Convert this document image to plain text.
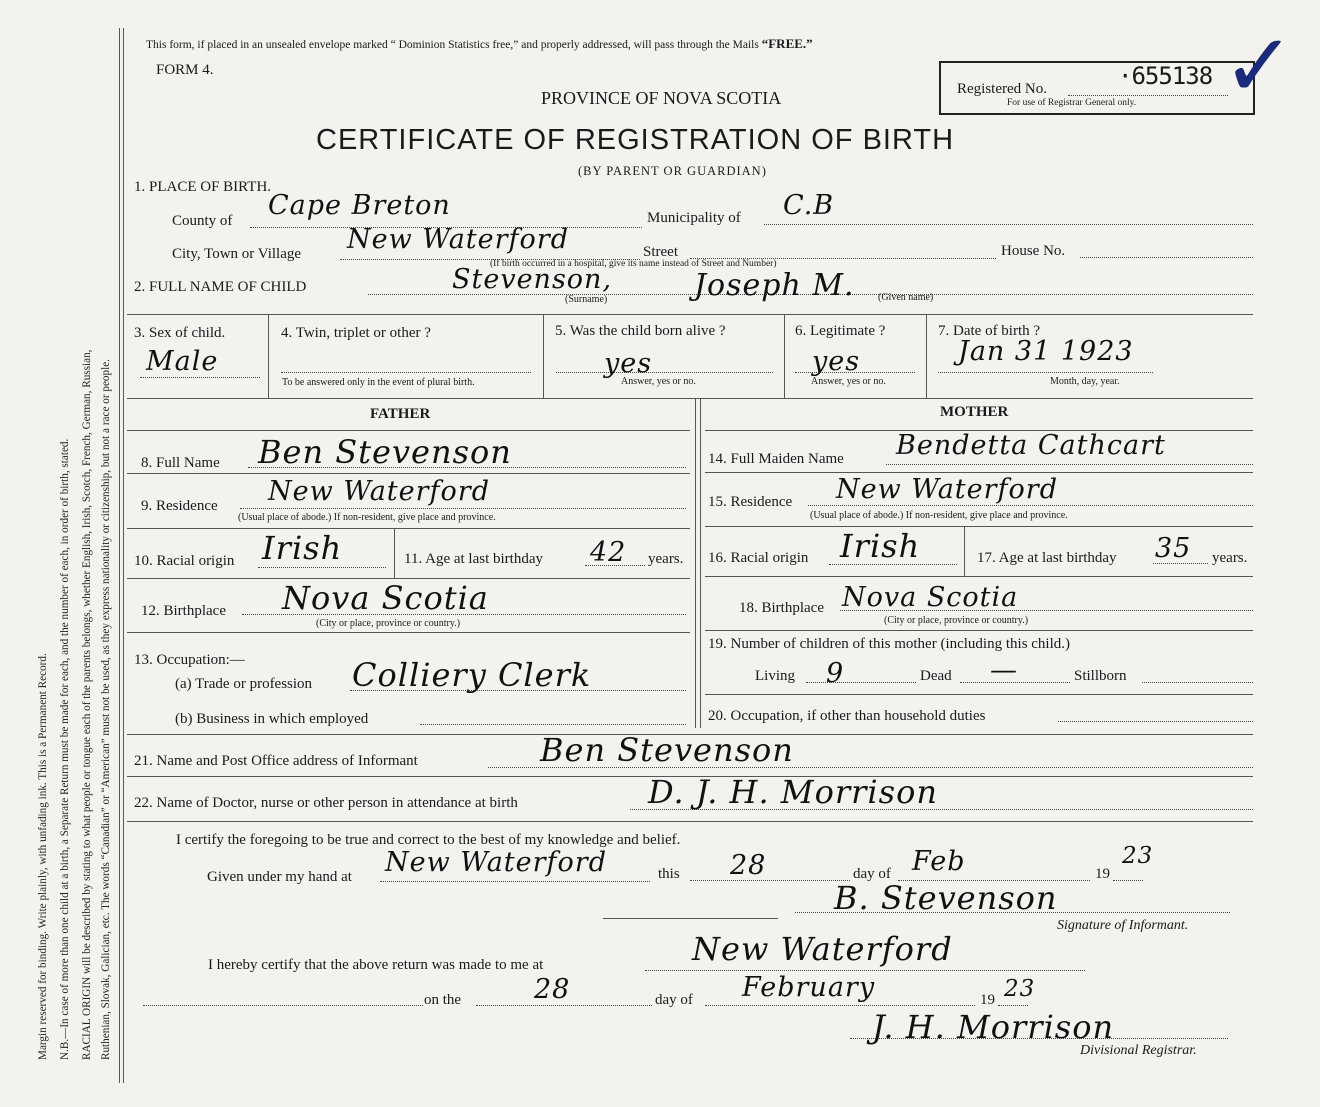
Margin reserved for binding. Write plainly, with unfading ink. This is a Permanent Record. N.B.—In case of more than one child at a birth, a Separate Return must be made for each, and the number of each, in order of birth, stated. RACIAL ORIGIN will be described by stating to what people or tongue each of the parents belongs, whether English, Irish, Scotch, French, German, Russian, Ruthenian, Slovak, Galician, etc. The words “Canadian” or “American” must not be used, as they express nationality or citizenship, but not a race or people.
This form, if placed in an unsealed envelope marked “ Dominion Statistics free,” and properly addressed, will pass through the Mails “FREE.”
FORM 4.
PROVINCE OF NOVA SCOTIA
CERTIFICATE OF REGISTRATION OF BIRTH
(BY PARENT OR GUARDIAN)
Registered No.	·655138
For use of Registrar General only. ✓
1. PLACE OF BIRTH.
County of Cape Breton	Municipality of C.B
City, Town or Village New Waterford	Street	House No.
(If birth occurred in a hospital, give its name instead of Street and Number)
2. FULL NAME OF CHILD	Stevenson,	Joseph M.
(Surname)	(Given name)
3. Sex of child.
Male
4. Twin, triplet or other ?
To be answered only in the event of plural birth.
5. Was the child born alive ?
yes
Answer, yes or no.
6. Legitimate ?
yes
Answer, yes or no.
7. Date of birth ?
Jan 31 1923
Month, day, year.
FATHER
8. Full Name Ben Stevenson
9. Residence New Waterford
(Usual place of abode.) If non-resident, give place and province.
10. Racial origin Irish	11. Age at last birthday 42 years.
12. Birthplace Nova Scotia
(City or place, province or country.)
13. Occupation:—
(a) Trade or profession Colliery Clerk
(b) Business in which employed
MOTHER
14. Full Maiden Name Bendetta Cathcart
15. Residence New Waterford
(Usual place of abode.) If non-resident, give place and province.
16. Racial origin Irish	17. Age at last birthday 35 years.
18. Birthplace Nova Scotia
(City or place, province or country.)
19. Number of children of this mother (including this child.)
Living 9	Dead —	Stillborn
20. Occupation, if other than household duties
21. Name and Post Office address of Informant	Ben Stevenson
22. Name of Doctor, nurse or other person in attendance at birth	D. J. H. Morrison
I certify the foregoing to be true and correct to the best of my knowledge and belief.
Given under my hand at New Waterford	this 28	day of Feb	19
23
B. Stevenson
Signature of Informant.
I hereby certify that the above return was made to me at	New Waterford
on the	28	day of February	19 23
J. H. Morrison
Divisional Registrar.
